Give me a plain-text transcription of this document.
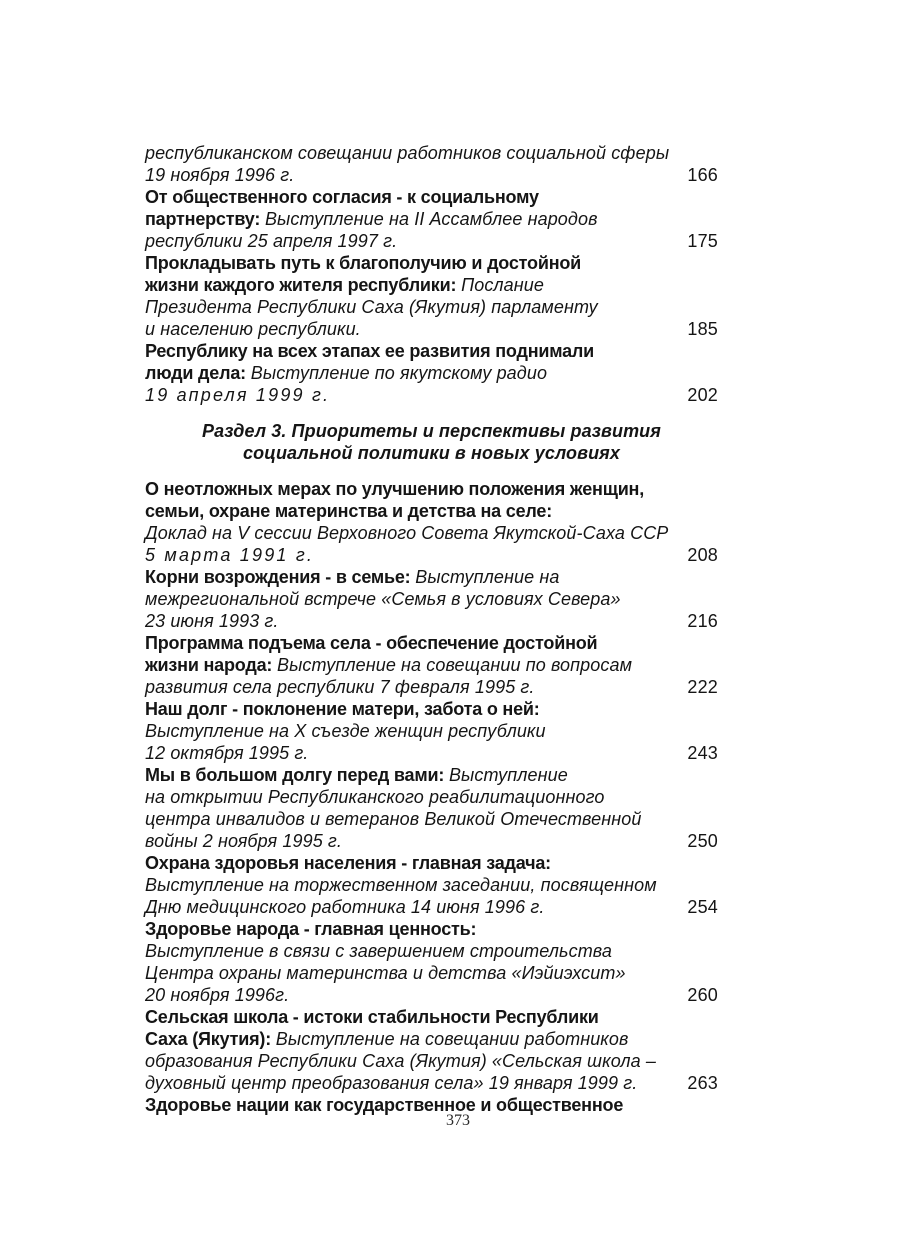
республиканском совещании работников социальной сферы
19 ноября 1996 г.	166
От общественного согласия - к социальному
партнерству: Выступление на II Ассамблее народов
республики 25 апреля 1997 г.	175
Прокладывать путь к благополучию и достойной
жизни каждого жителя республики: Послание
Президента Республики Саха (Якутия) парламенту
и населению республики.	185
Республику на всех этапах ее развития поднимали
люди дела: Выступление по якутскому радио
19 апреля 1999 г.	202
Раздел 3. Приоритеты и перспективы развития
социальной политики в новых условиях
О неотложных мерах по улучшению положения женщин,
семьи, охране материнства и детства на селе:
Доклад на V сессии Верховного Совета Якутской-Саха ССР
5 марта 1991 г.	208
Корни возрождения - в семье: Выступление на
межрегиональной встрече «Семья в условиях Севера»
23 июня 1993 г.	216
Программа подъема села - обеспечение достойной
жизни народа: Выступление на совещании по вопросам
развития села республики 7 февраля 1995 г.	222
Наш долг - поклонение матери, забота о ней:
Выступление на X съезде женщин республики
12 октября 1995 г.	243
Мы в большом долгу перед вами: Выступление
на открытии Республиканского реабилитационного
центра инвалидов и ветеранов Великой Отечественной
войны 2 ноября 1995 г.	250
Охрана здоровья населения - главная задача:
Выступление на торжественном заседании, посвященном
Дню медицинского работника 14 июня 1996 г.	254
Здоровье народа - главная ценность:
Выступление в связи с завершением строительства
Центра охраны материнства и детства «Иэйиэхсит»
20 ноября 1996г.	260
Сельская школа - истоки стабильности Республики
Саха (Якутия): Выступление на совещании работников
образования Республики Саха (Якутия) «Сельская школа –
духовный центр преобразования села» 19 января 1999 г.	263
Здоровье нации как государственное и общественное
373
